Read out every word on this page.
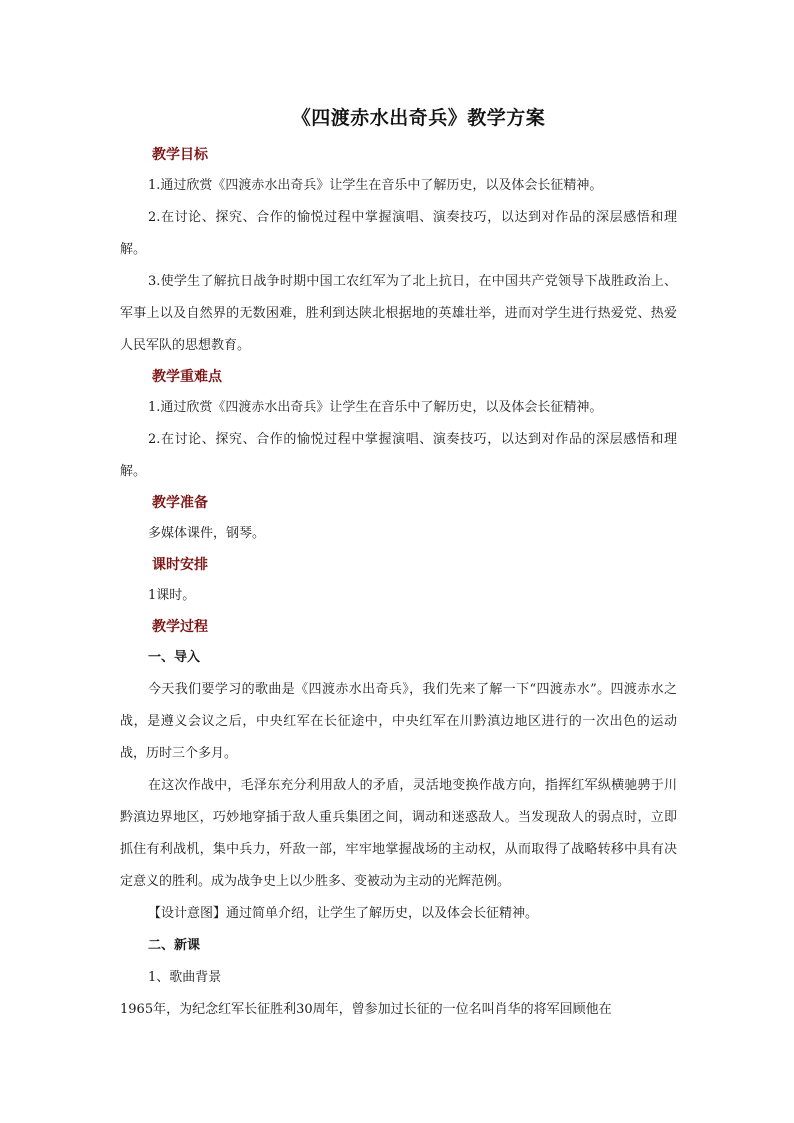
《四渡赤水出奇兵》教学方案
教学目标

1.通过欣赏《四渡赤水出奇兵》让学生在音乐中了解历史，以及体会长征精神。

2.在讨论、探究、合作的愉悦过程中掌握演唱、演奏技巧，以达到对作品的深层感悟和理解。

3.使学生了解抗日战争时期中国工农红军为了北上抗日，在中国共产党领导下战胜政治上、军事上以及自然界的无数困难，胜利到达陕北根据地的英雄壮举，进而对学生进行热爱党、热爱人民军队的思想教育。

教学重难点

1.通过欣赏《四渡赤水出奇兵》让学生在音乐中了解历史，以及体会长征精神。

2.在讨论、探究、合作的愉悦过程中掌握演唱、演奏技巧，以达到对作品的深层感悟和理解。

教学准备

多媒体课件，钢琴。

课时安排

1课时。

教学过程
一、导入

今天我们要学习的歌曲是《四渡赤水出奇兵》，我们先来了解一下“四渡赤水”。四渡赤水之战，是遵义会议之后，中央红军在长征途中，中央红军在川黔滇边地区进行的一次出色的运动战，历时三个多月。

在这次作战中，毛泽东充分利用敌人的矛盾，灵活地变换作战方向，指挥红军纵横驰骋于川黔滇边界地区，巧妙地穿插于敌人重兵集团之间，调动和迷惑敌人。当发现敌人的弱点时，立即抓住有利战机，集中兵力，歼敌一部，牢牢地掌握战场的主动权，从而取得了战略转移中具有决定意义的胜利。成为战争史上以少胜多、变被动为主动的光辉范例。

【设计意图】通过简单介绍，让学生了解历史，以及体会长征精神。

二、新课
1、歌曲背景

1965年，为纪念红军长征胜利30周年，曾参加过长征的一位名叫肖华的将军回顾他在
